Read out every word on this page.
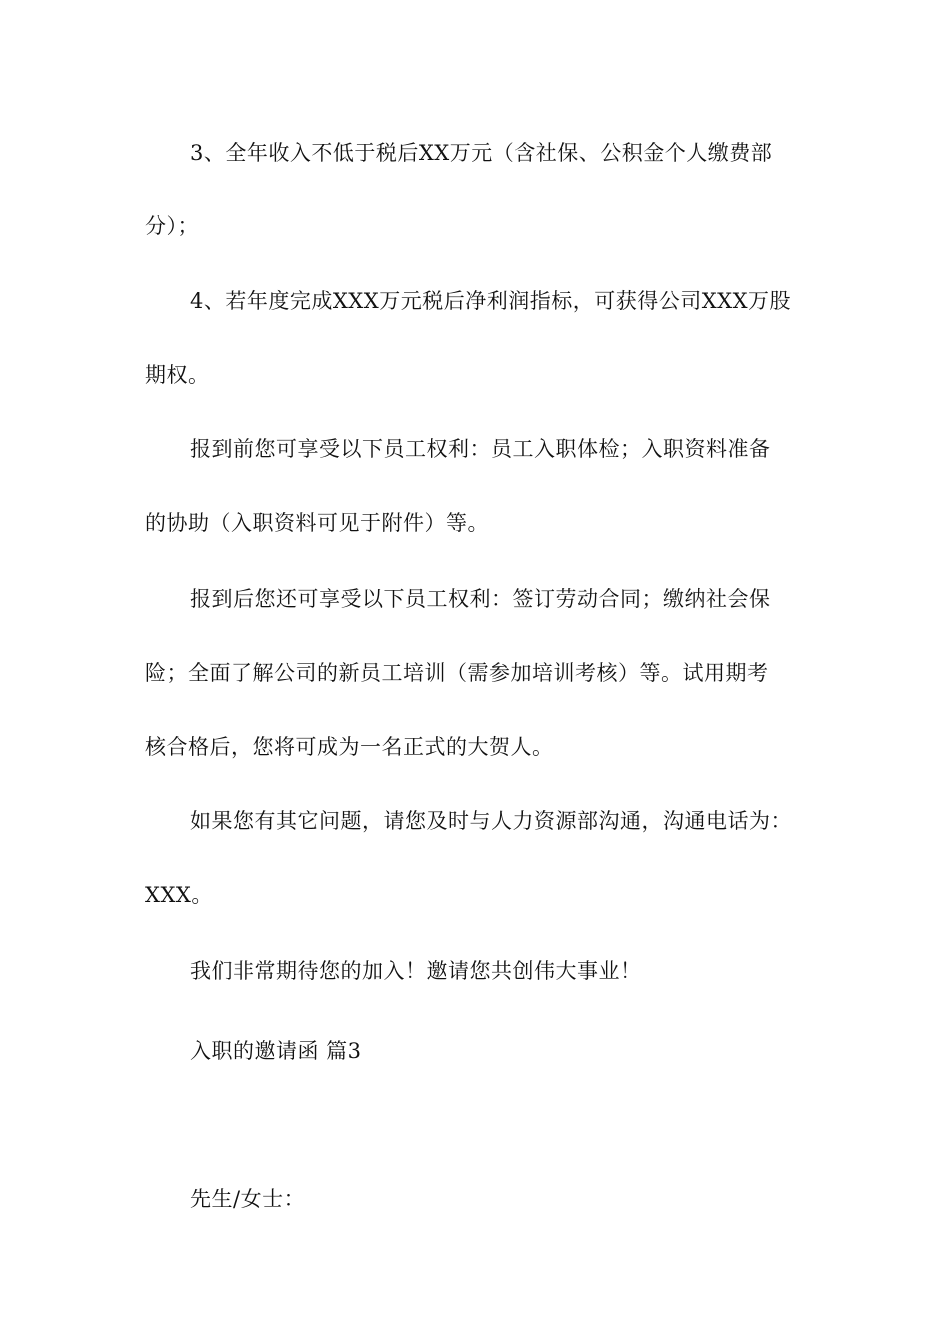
3、全年收入不低于税后XX万元（含社保、公积金个人缴费部
分）；
4、若年度完成XXX万元税后净利润指标，可获得公司XXX万股
期权。
报到前您可享受以下员工权利：员工入职体检；入职资料准备
的协助（入职资料可见于附件）等。
报到后您还可享受以下员工权利：签订劳动合同；缴纳社会保
险；全面了解公司的新员工培训（需参加培训考核）等。试用期考
核合格后，您将可成为一名正式的大贺人。
如果您有其它问题，请您及时与人力资源部沟通，沟通电话为：
XXX。
我们非常期待您的加入！邀请您共创伟大事业！
入职的邀请函 篇3
先生/女士：
